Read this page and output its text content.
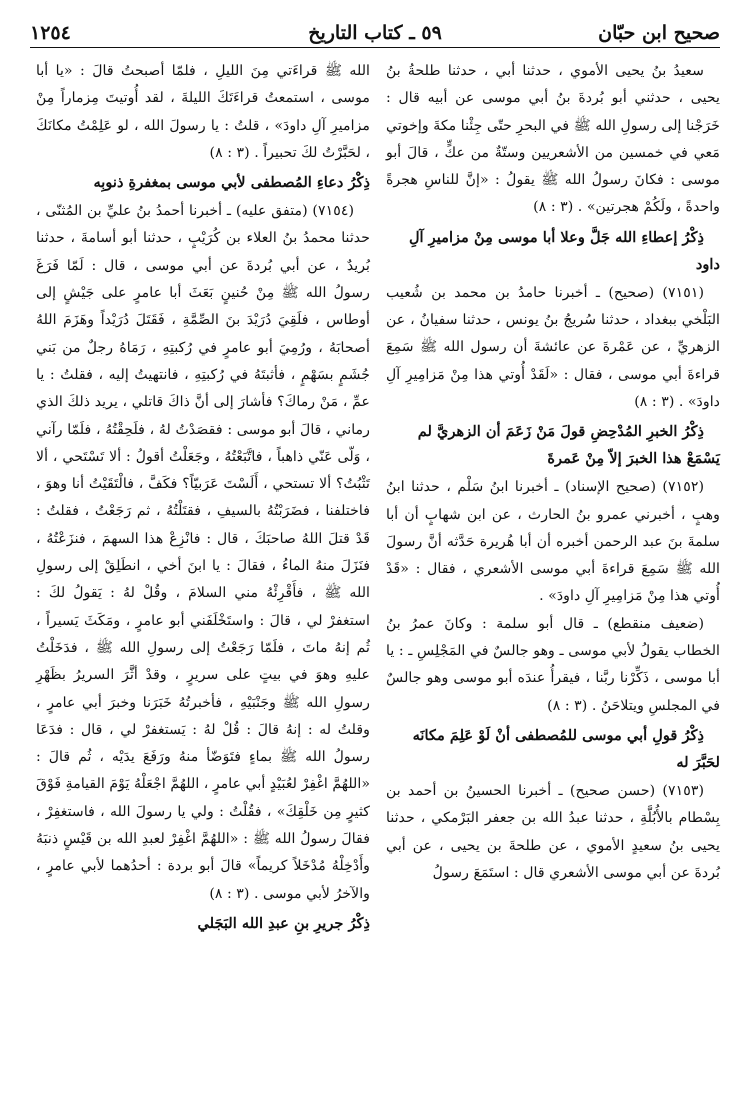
صحيح ابن حبّان
٥٩ ـ كتاب التاريخ
١٢٥٤

سعيدُ بنُ يحيى الأموي ، حدثنا أبي ، حدثنا طلحةُ بنُ يحيى ، حدثني أبو بُردةَ بنُ أبي موسى عن أبيه قال : خَرَجْنا إلى رسولِ الله ﷺ في البحرِ حتّى جِئْنا مكةَ وإخوتي مَعي في خمسين من الأشعريين وستّةٌ من عكٍّ ، قالَ أبو موسى : فكانَ رسولُ الله ﷺ يقولُ : «إنَّ للناسِ هجرةً واحدةً ، ولَكُمْ هجرتين» . (٣ : ٨)

ذِكْرُ إعطاءِ الله جَلَّ وعلا أبا موسى مِنْ مزاميرِ آلِ داود

(٧١٥١) (صحيح) ـ أخبرنا حامدُ بن محمد بن شُعيب البَلْخي ببغداد ، حدثنا سُريجُ بنُ يونس ، حدثنا سفيانُ ، عن الزهريِّ ، عن عَمْرةَ عن عائشةَ أن رسول الله ﷺ سَمِعَ قراءةَ أبي موسى ، فقال : «لَقَدْ أُوتي هذا مِنْ مَزامِيرِ آلِ داودَ» . (٣ : ٨)

ذِكْرُ الخبرِ المُدْحِضِ قولَ مَنْ زَعَمَ أن الزهريَّ لم يَسْمَعْ هذا الخبرَ إلاّ مِنْ عَمرةَ

(٧١٥٢) (صحيح الإسناد) ـ أخبرنا ابنُ سَلْم ، حدثنا ابنُ وهبٍ ، أخبرني عمرو بنُ الحارث ، عن ابن شهابٍ أن أبا سلمةَ بنَ عبد الرحمن أخبره أن أبا هُريرة حَدَّثه أنَّ رسولَ الله ﷺ سَمِعَ قراءةَ أبي موسى الأشعري ، فقال : «قَدْ أُوتي هذا مِنْ مَزامِيرِ آلِ داودَ» .

(ضعيف منقطع) ـ قال أبو سلمة : وكانَ عمرُ بنُ الخطاب يقولُ لأبي موسى ـ وهو جالسٌ في المَجْلِسِ ـ : يا أبا موسى ، ذَكِّرْنا ربَّنا ، فيقرأُ عندَه أبو موسى وهو جالسٌ في المجلسِ ويتلاحَنُ . (٣ : ٨)

ذِكْرُ قولِ أبي موسى للمُصطفى أنْ لَوْ عَلِمَ مكانَه لحَبَّرَ له

(٧١٥٣) (حسن صحيح) ـ أخبرنا الحسينُ بن أحمد بن بِسْطام بالأُبُلَّةِ ، حدثنا عبدُ الله بن جعفر البَرْمكي ، حدثنا يحيى بنُ سعيدٍ الأموي ، عن طلحةَ بن يحيى ، عن أبي بُردةَ عن أبي موسى الأشعري قال : استَمَعَ رسولُ

الله ﷺ قراءَتي مِنَ الليلِ ، فلمّا أصبحتُ قالَ : «يا أبا موسى ، استمعتُ قراءَتَكَ الليلةَ ، لقد أُوتيتَ مِزماراً مِنْ مزاميرِ آلِ داودَ» ، قلتُ : يا رسولَ الله ، لو عَلِمْتُ مكانَكَ ، لحَبَّرْتُ لكَ تحبيراً . (٣ : ٨)

ذِكْرُ دعاءِ المُصطفى لأبي موسى بمغفرةِ ذنوبِه

(٧١٥٤) (متفق عليه) ـ أخبرنا أحمدُ بنُ عليِّ بن المُثنّى ، حدثنا محمدُ بنُ العلاء بن كُرَيْبٍ ، حدثنا أبو أسامةَ ، حدثنا بُريدٌ ، عن أبي بُردةَ عن أبي موسى ، قال : لَمّا فَرَغَ رسولُ الله ﷺ مِنْ حُنينٍ بَعَثَ أبا عامرٍ على جَيْشٍ إلى أوطاس ، فلَقِيَ دُرَيْدَ بنَ الصِّمَّةِ ، فَقَتَلَ دُرَيْداً وهَزَمَ اللهُ أصحابَهُ ، ورُمِيَ أبو عامرٍ في رُكبتِهِ ، رَمَاهُ رجلٌ من بَني جُشَمٍ بسَهْمٍ ، فأثبتَهُ في رُكبتِهِ ، فانتهيتُ إليه ، فقلتُ : يا عمِّ ، مَنْ رماكَ؟ فأشارَ إلى أنَّ ذاكَ قاتلي ، يريد ذلكَ الذي رماني ، قالَ أبو موسى : فقصَدْتُ لهُ ، فلَحِقْتُهُ ، فلَمّا رآني ، وَلّى عَنّي ذاهباً ، فاتَّبَعْتُهُ ، وجَعَلْتُ أقولُ : ألا تَسْتَحي ، ألا تَثْبُتُ؟ ألا تستحي ، أَلَسْتَ عَرَبيّاً؟ فكَفَّ ، فالْتَقَيْتُ أنا وهوَ ، فاختلفنا ، فضَرَبْتُهُ بالسيفِ ، فقتَلْتُهُ ، ثم رَجَعْتُ ، فقلتُ : قَدْ قتلَ اللهُ صاحبَكَ ، قال : فانْزِعْ هذا السهمَ ، فنزَعْتُهُ ، فنَزَلَ منهُ الماءُ ، فقالَ : يا ابنَ أخي ، انطَلِقْ إلى رسولِ الله ﷺ ، فأَقْرِئْهُ مني السلامَ ، وقُلْ لهُ : يَقولُ لكَ : استغفرْ لي ، قالَ : واستَخْلَفَني أبو عامرٍ ، ومَكَثَ يَسيراً ، ثُم إنهُ ماتَ ، فلَمّا رَجَعْتُ إلى رسولِ الله ﷺ ، فدَخَلْتُ عليهِ وهوَ في بيتٍ على سريرٍ ، وقدْ أثَّرَ السريرُ بظَهْرِ رسولِ الله ﷺ وجَنْبَيْهِ ، فأخبرتُهُ خَبَرَنا وخبرَ أبي عامرٍ ، وقلتُ له : إنهُ قالَ : قُلْ لهُ : يَستغفرْ لي ، قال : فدَعَا رسولُ الله ﷺ بماءٍ فتَوَضّأ منهُ ورَفَعَ يدَيْه ، ثُم قالَ : «اللهُمَّ اغْفِرْ لعُبَيْدٍ أبي عامرٍ ، اللهُمَّ اجْعَلْهُ يَوْمَ القيامةِ فَوْقَ كثيرٍ مِن خَلْقِكَ» ، فقُلْتُ : ولي يا رسولَ الله ، فاستغفِرْ ، فقالَ رسولُ الله ﷺ : «اللهُمَّ اغْفِرْ لعبدِ الله بن قَيْسٍ ذنبَهُ وأَدْخِلْهُ مُدْخَلاً كريماً» قالَ أبو بردة : أحدُهما لأبي عامرٍ ، والآخرُ لأبي موسى . (٣ : ٨)

ذِكْرُ جريرِ بنِ عبدِ الله البَجَلي
